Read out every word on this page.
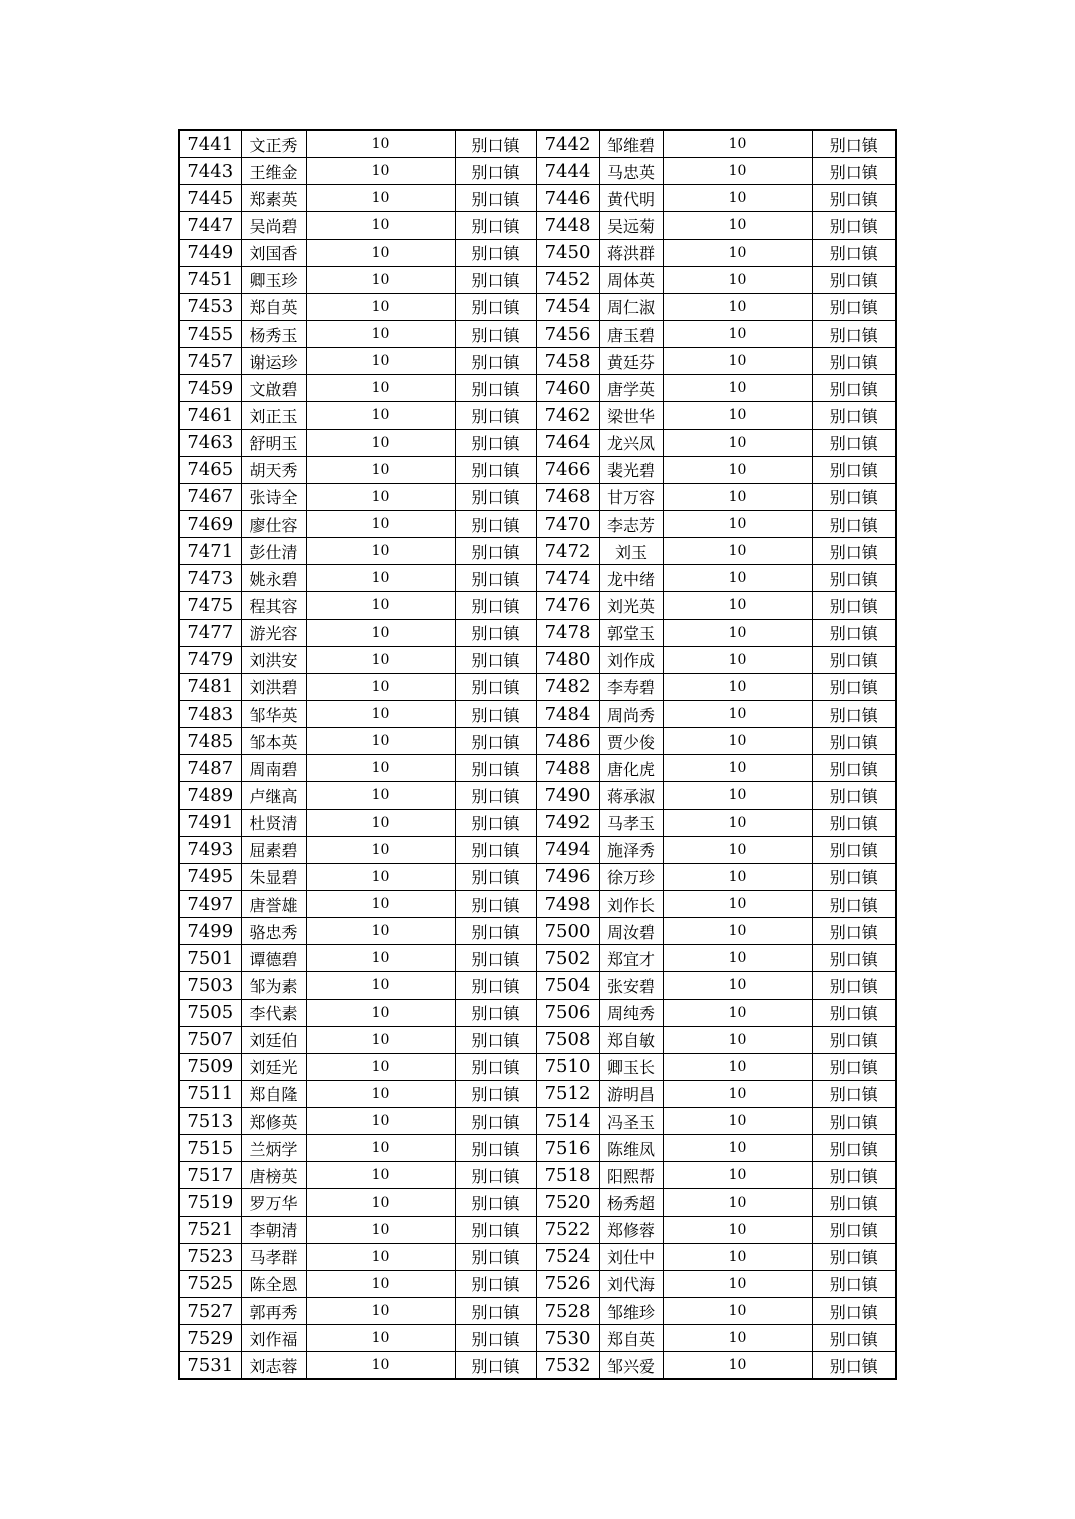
7441	文正秀	10	别口镇	7442	邹维碧	10	别口镇
7443	王维金	10	别口镇	7444	马忠英	10	别口镇
7445	郑素英	10	别口镇	7446	黄代明	10	别口镇
7447	吴尚碧	10	别口镇	7448	吴远菊	10	别口镇
7449	刘国香	10	别口镇	7450	蒋洪群	10	别口镇
7451	卿玉珍	10	别口镇	7452	周体英	10	别口镇
7453	郑自英	10	别口镇	7454	周仁淑	10	别口镇
7455	杨秀玉	10	别口镇	7456	唐玉碧	10	别口镇
7457	谢运珍	10	别口镇	7458	黄廷芬	10	别口镇
7459	文啟碧	10	别口镇	7460	唐学英	10	别口镇
7461	刘正玉	10	别口镇	7462	梁世华	10	别口镇
7463	舒明玉	10	别口镇	7464	龙兴凤	10	别口镇
7465	胡天秀	10	别口镇	7466	裴光碧	10	别口镇
7467	张诗全	10	别口镇	7468	甘万容	10	别口镇
7469	廖仕容	10	别口镇	7470	李志芳	10	别口镇
7471	彭仕清	10	别口镇	7472	刘玉	10	别口镇
7473	姚永碧	10	别口镇	7474	龙中绪	10	别口镇
7475	程其容	10	别口镇	7476	刘光英	10	别口镇
7477	游光容	10	别口镇	7478	郭堂玉	10	别口镇
7479	刘洪安	10	别口镇	7480	刘作成	10	别口镇
7481	刘洪碧	10	别口镇	7482	李寿碧	10	别口镇
7483	邹华英	10	别口镇	7484	周尚秀	10	别口镇
7485	邹本英	10	别口镇	7486	贾少俊	10	别口镇
7487	周南碧	10	别口镇	7488	唐化虎	10	别口镇
7489	卢继高	10	别口镇	7490	蒋承淑	10	别口镇
7491	杜贤清	10	别口镇	7492	马孝玉	10	别口镇
7493	屈素碧	10	别口镇	7494	施泽秀	10	别口镇
7495	朱显碧	10	别口镇	7496	徐万珍	10	别口镇
7497	唐誉雄	10	别口镇	7498	刘作长	10	别口镇
7499	骆忠秀	10	别口镇	7500	周汝碧	10	别口镇
7501	谭德碧	10	别口镇	7502	郑宜才	10	别口镇
7503	邹为素	10	别口镇	7504	张安碧	10	别口镇
7505	李代素	10	别口镇	7506	周纯秀	10	别口镇
7507	刘廷伯	10	别口镇	7508	郑自敏	10	别口镇
7509	刘廷光	10	别口镇	7510	卿玉长	10	别口镇
7511	郑自隆	10	别口镇	7512	游明昌	10	别口镇
7513	郑修英	10	别口镇	7514	冯圣玉	10	别口镇
7515	兰炳学	10	别口镇	7516	陈维凤	10	别口镇
7517	唐榜英	10	别口镇	7518	阳熙帮	10	别口镇
7519	罗万华	10	别口镇	7520	杨秀超	10	别口镇
7521	李朝清	10	别口镇	7522	郑修蓉	10	别口镇
7523	马孝群	10	别口镇	7524	刘仕中	10	别口镇
7525	陈全恩	10	别口镇	7526	刘代海	10	别口镇
7527	郭再秀	10	别口镇	7528	邹维珍	10	别口镇
7529	刘作福	10	别口镇	7530	郑自英	10	别口镇
7531	刘志蓉	10	别口镇	7532	邹兴爱	10	别口镇
